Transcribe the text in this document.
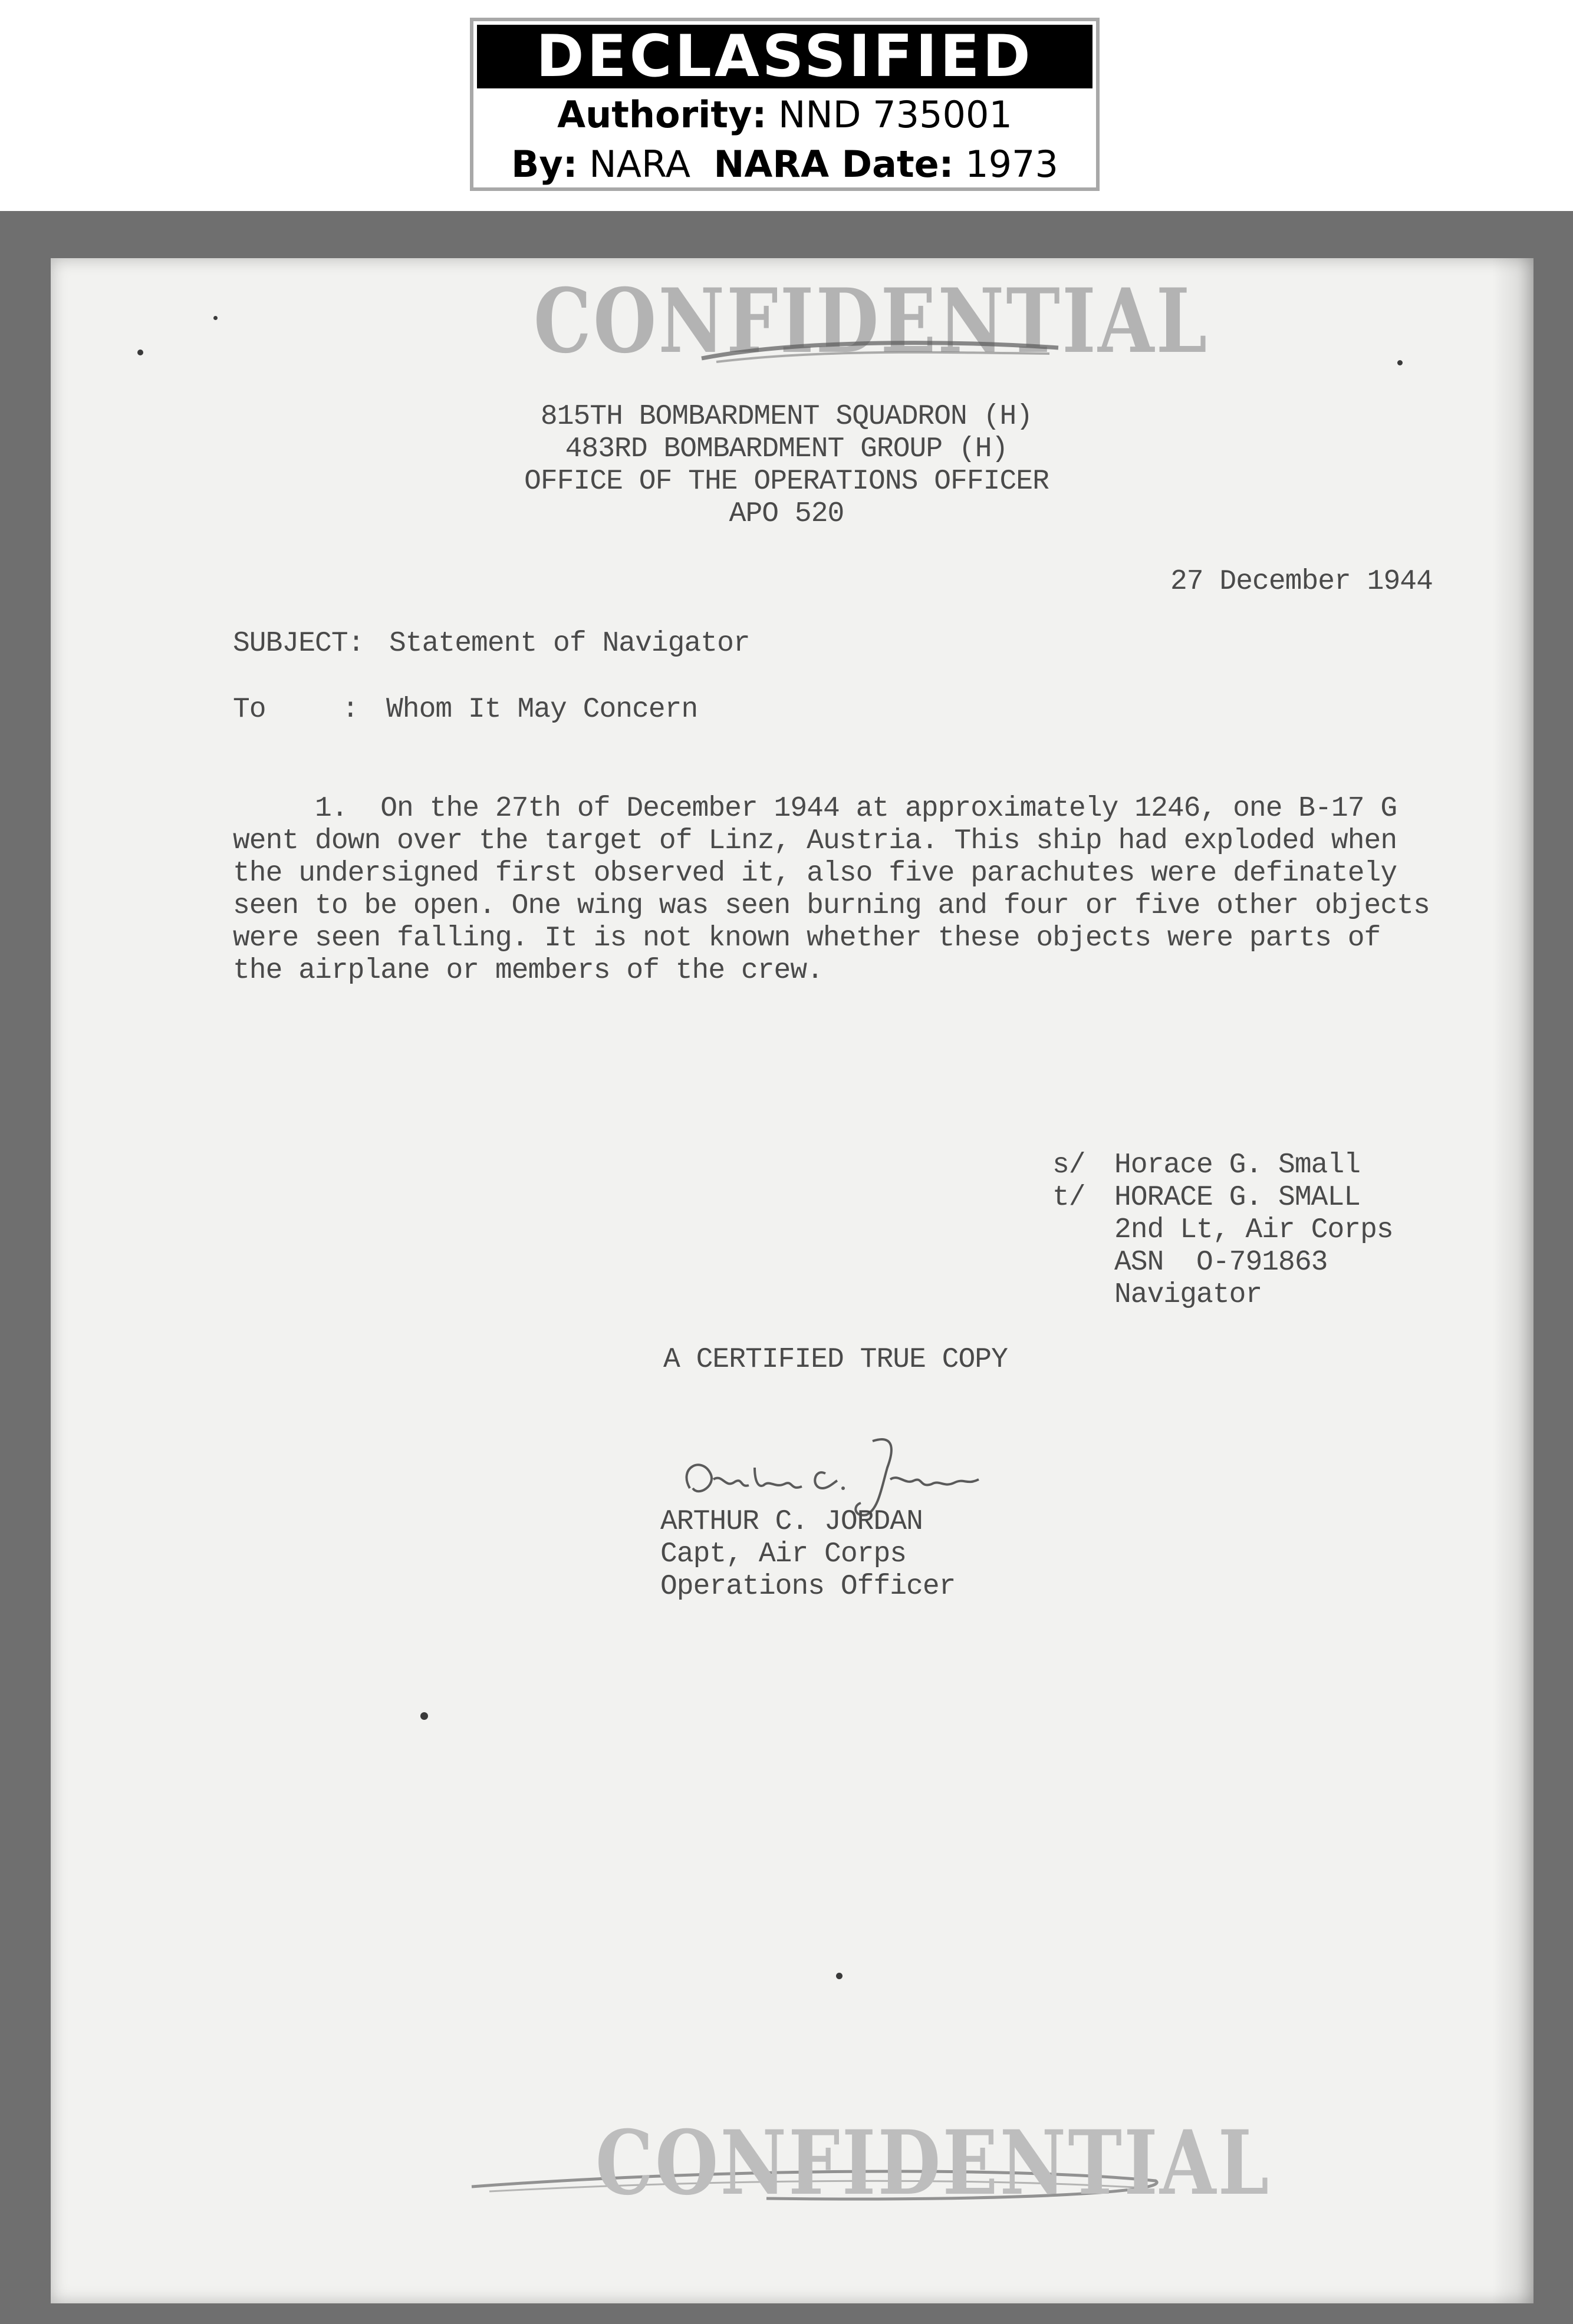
DECLASSIFIED
Authority: NND 735001
By: NARA NARA Date: 1973
CONFIDENTIAL
815TH BOMBARDMENT SQUADRON (H)
483RD BOMBARDMENT GROUP (H)
OFFICE OF THE OPERATIONS OFFICER
APO 520
27 December 1944
SUBJECT: Statement of Navigator
To	: Whom It May Concern
1.  On the 27th of December 1944 at approximately 1246, one B-17 G
went down over the target of Linz, Austria. This ship had exploded when
the undersigned first observed it, also five parachutes were definately
seen to be open. One wing was seen burning and four or five other objects
were seen falling. It is not known whether these objects were parts of
the airplane or members of the crew.
s/ Horace G. Small
t/ HORACE G. SMALL
2nd Lt, Air Corps
ASN  O-791863
Navigator
A CERTIFIED TRUE COPY
ARTHUR C. JORDAN
Capt, Air Corps
Operations Officer
CONFIDENTIAL
